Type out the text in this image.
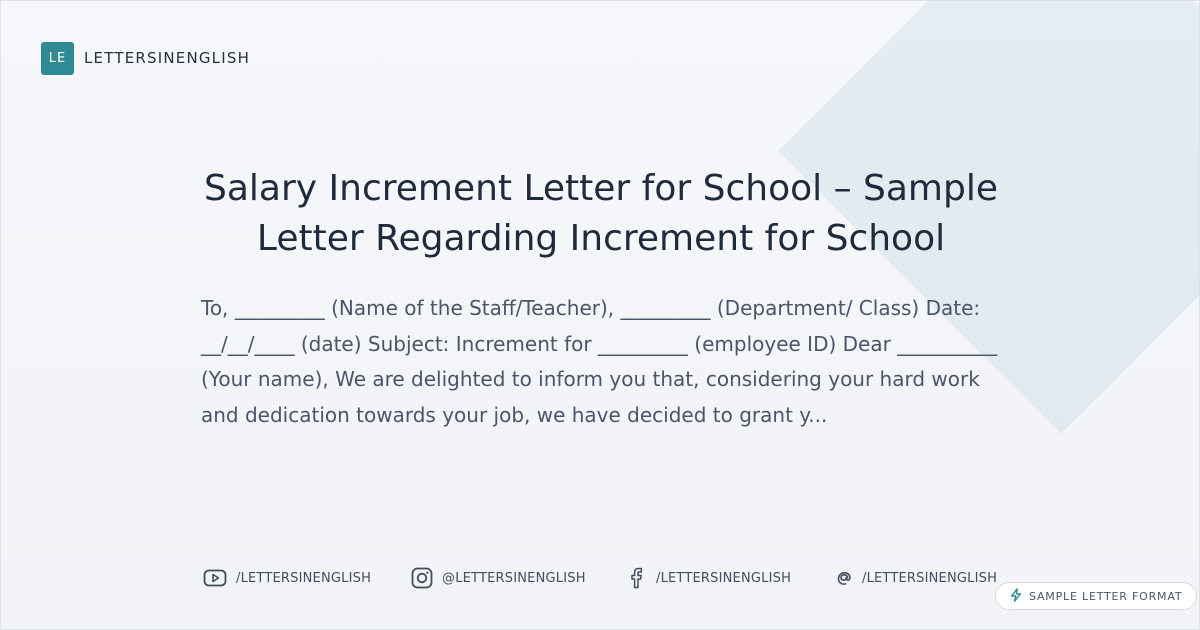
LE	LETTERSINENGLISH
Salary Increment Letter for School – Sample Letter Regarding Increment for School

To, _________ (Name of the Staff/Teacher), _________ (Department/ Class) Date: __/__/____ (date) Subject: Increment for _________ (employee ID) Dear __________ (Your name), We are delighted to inform you that, considering your hard work and dedication towards your job, we have decided to grant y...

/LETTERSINENGLISH	@LETTERSINENGLISH	/LETTERSINENGLISH	/LETTERSINENGLISH
SAMPLE LETTER FORMAT
